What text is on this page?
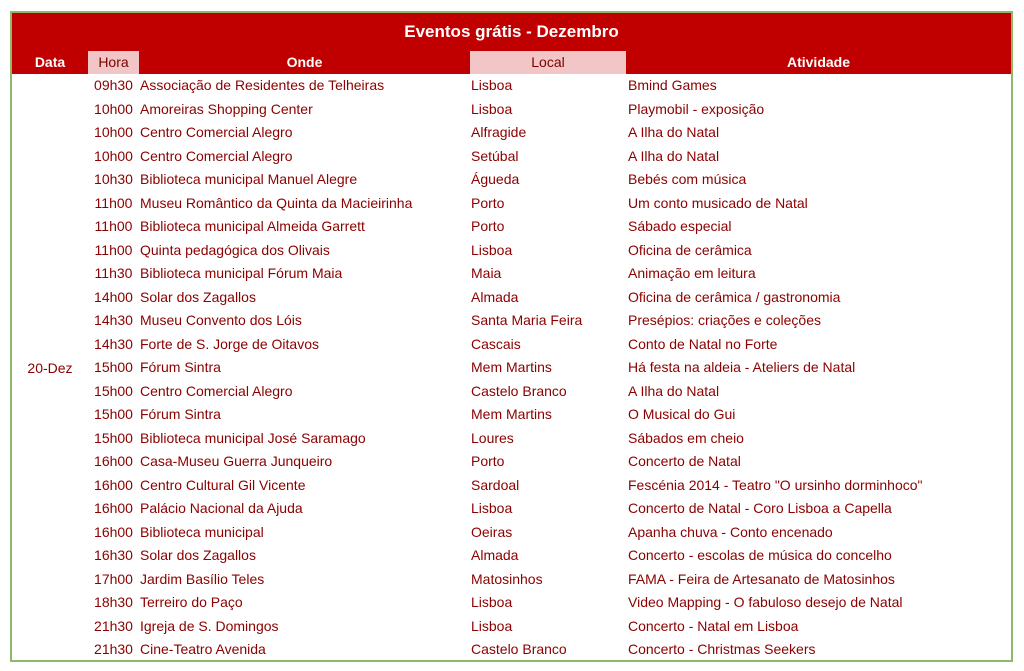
Eventos grátis - Dezembro
Data	Hora	Onde	Local	Atividade
20-Dez
09h30 Associação de Residentes de Telheiras	Lisboa	Bmind Games
10h00 Amoreiras Shopping Center	Lisboa	Playmobil - exposição
10h00 Centro Comercial Alegro	Alfragide	A Ilha do Natal
10h00 Centro Comercial Alegro	Setúbal	A Ilha do Natal
10h30 Biblioteca municipal Manuel Alegre	Águeda	Bebés com música
11h00 Museu Romântico da Quinta da Macieirinha	Porto	Um conto musicado de Natal
11h00 Biblioteca municipal Almeida Garrett	Porto	Sábado especial
11h00 Quinta pedagógica dos Olivais	Lisboa	Oficina de cerâmica
11h30 Biblioteca municipal Fórum Maia	Maia	Animação em leitura
14h00 Solar dos Zagallos	Almada	Oficina de cerâmica / gastronomia
14h30 Museu Convento dos Lóis	Santa Maria Feira	Presépios: criações e coleções
14h30 Forte de S. Jorge de Oitavos	Cascais	Conto de Natal no Forte
15h00 Fórum Sintra	Mem Martins	Há festa na aldeia - Ateliers de Natal
15h00 Centro Comercial Alegro	Castelo Branco	A Ilha do Natal
15h00 Fórum Sintra	Mem Martins	O Musical do Gui
15h00 Biblioteca municipal José Saramago	Loures	Sábados em cheio
16h00 Casa-Museu Guerra Junqueiro	Porto	Concerto de Natal
16h00 Centro Cultural Gil Vicente	Sardoal	Fescénia 2014 - Teatro "O ursinho dorminhoco"
16h00 Palácio Nacional da Ajuda	Lisboa	Concerto de Natal - Coro Lisboa a Capella
16h00 Biblioteca municipal	Oeiras	Apanha chuva - Conto encenado
16h30 Solar dos Zagallos	Almada	Concerto - escolas de música do concelho
17h00 Jardim Basílio Teles	Matosinhos	FAMA - Feira de Artesanato de Matosinhos
18h30 Terreiro do Paço	Lisboa	Video Mapping - O fabuloso desejo de Natal
21h30 Igreja de S. Domingos	Lisboa	Concerto - Natal em Lisboa
21h30 Cine-Teatro Avenida	Castelo Branco	Concerto - Christmas Seekers
